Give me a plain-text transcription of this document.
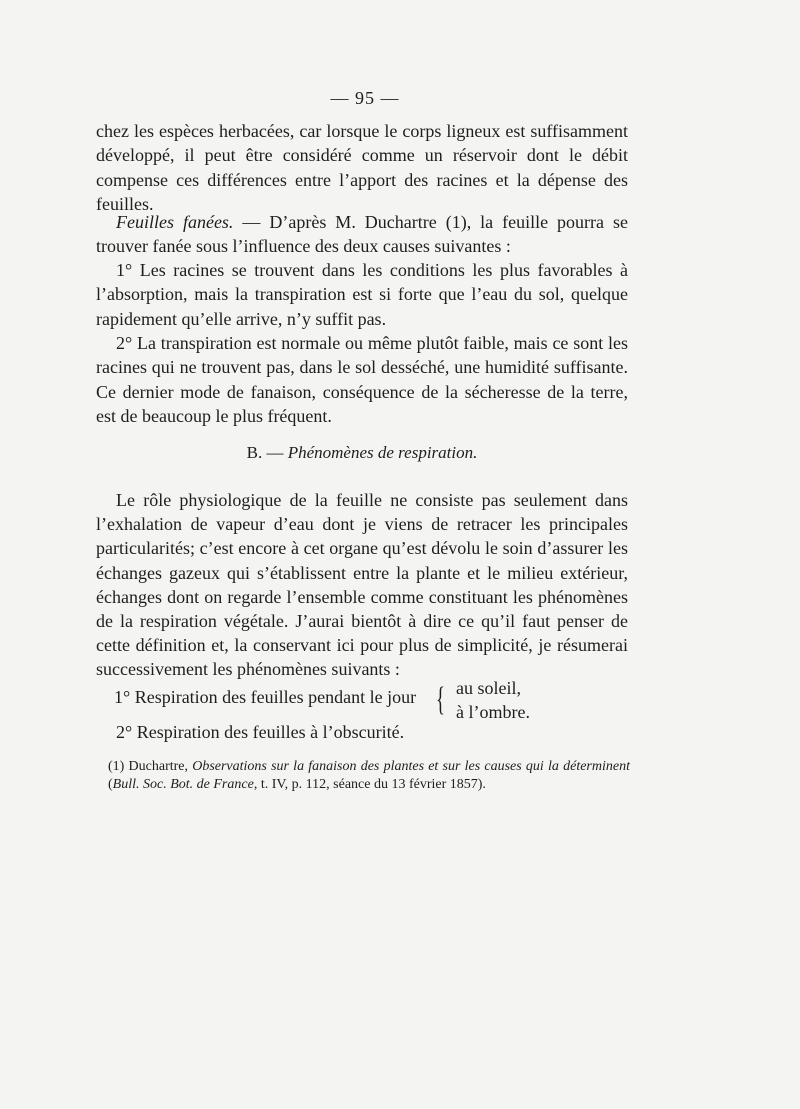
— 95 —

chez les espèces herbacées, car lorsque le corps ligneux est suffisamment développé, il peut être considéré comme un réservoir dont le débit compense ces différences entre l’apport des racines et la dépense des feuilles.

Feuilles fanées. — D’après M. Duchartre (1), la feuille pourra se trouver fanée sous l’influence des deux causes suivantes :

1° Les racines se trouvent dans les conditions les plus favorables à l’absorption, mais la transpiration est si forte que l’eau du sol, quelque rapidement qu’elle arrive, n’y suffit pas.

2° La transpiration est normale ou même plutôt faible, mais ce sont les racines qui ne trouvent pas, dans le sol desséché, une humidité suffisante. Ce dernier mode de fanaison, conséquence de la sécheresse de la terre, est de beaucoup le plus fréquent.

B. — Phénomènes de respiration.

Le rôle physiologique de la feuille ne consiste pas seulement dans l’exhalation de vapeur d’eau dont je viens de retracer les principales particularités; c’est encore à cet organe qu’est dévolu le soin d’assurer les échanges gazeux qui s’établissent entre la plante et le milieu extérieur, échanges dont on regarde l’ensemble comme constituant les phénomènes de la respiration végétale. J’aurai bientôt à dire ce qu’il faut penser de cette définition et, la conservant ici pour plus de simplicité, je résumerai successivement les phénomènes suivants :

1° Respiration des feuilles pendant le jour { au soleil,
à l’ombre.
2° Respiration des feuilles à l’obscurité.
(1) Duchartre, Observations sur la fanaison des plantes et sur les causes qui la déterminent (Bull. Soc. Bot. de France, t. IV, p. 112, séance du 13 février 1857).
